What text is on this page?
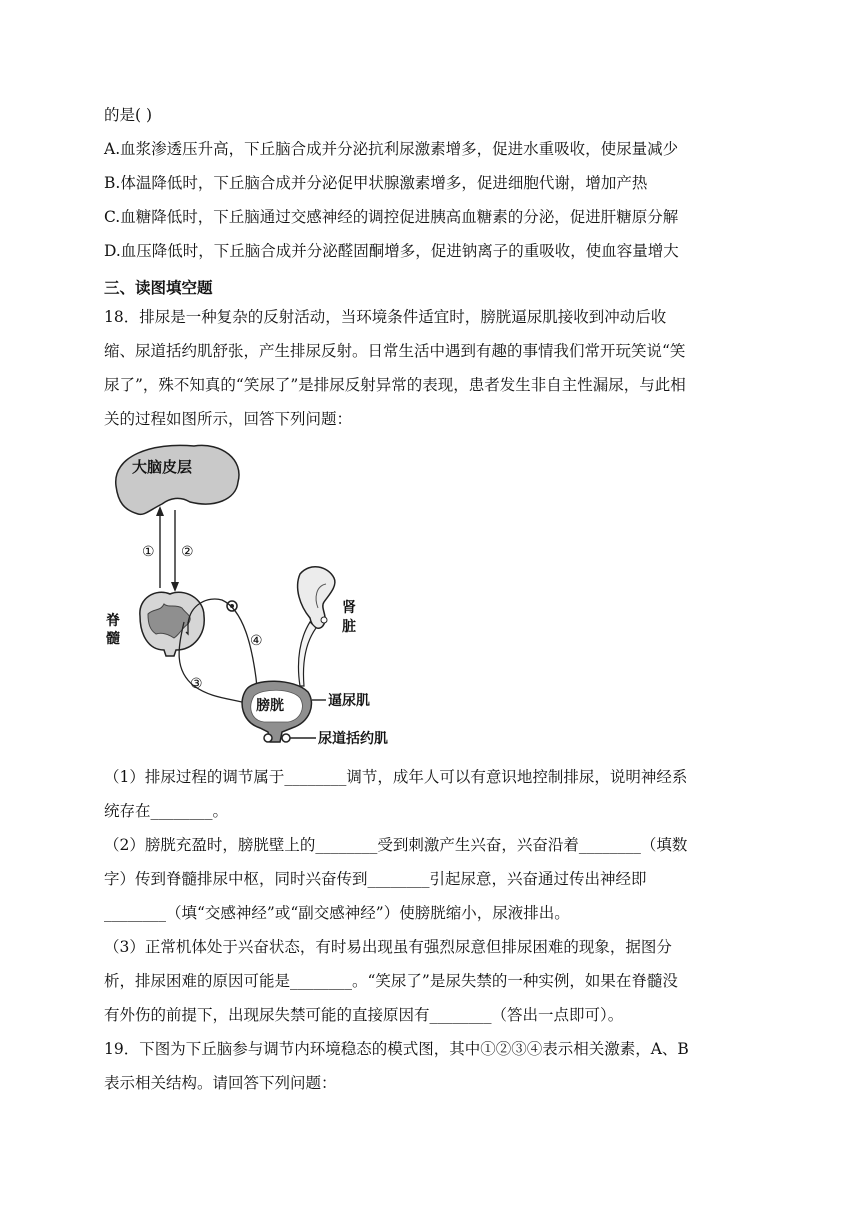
的是( )
A.血浆渗透压升高，下丘脑合成并分泌抗利尿激素增多，促进水重吸收，使尿量减少
B.体温降低时，下丘脑合成并分泌促甲状腺激素增多，促进细胞代谢，增加产热
C.血糖降低时，下丘脑通过交感神经的调控促进胰高血糖素的分泌，促进肝糖原分解
D.血压降低时，下丘脑合成并分泌醛固酮增多，促进钠离子的重吸收，使血容量增大
三、读图填空题
18．排尿是一种复杂的反射活动，当环境条件适宜时，膀胱逼尿肌接收到冲动后收
缩、尿道括约肌舒张，产生排尿反射。日常生活中遇到有趣的事情我们常开玩笑说“笑
尿了”，殊不知真的“笑尿了”是排尿反射异常的表现，患者发生非自主性漏尿，与此相
关的过程如图所示，回答下列问题：
大脑皮层
① ②
脊
髓	④
③
肾
脏
膀胱	逼尿肌
尿道括约肌
（1）排尿过程的调节属于________调节，成年人可以有意识地控制排尿，说明神经系
统存在________。
（2）膀胱充盈时，膀胱壁上的________受到刺激产生兴奋，兴奋沿着________（填数
字）传到脊髓排尿中枢，同时兴奋传到________引起尿意，兴奋通过传出神经即
________（填“交感神经”或“副交感神经”）使膀胱缩小，尿液排出。
（3）正常机体处于兴奋状态，有时易出现虽有强烈尿意但排尿困难的现象，据图分
析，排尿困难的原因可能是________。“笑尿了”是尿失禁的一种实例，如果在脊髓没
有外伤的前提下，出现尿失禁可能的直接原因有________（答出一点即可）。
19．下图为下丘脑参与调节内环境稳态的模式图，其中①②③④表示相关激素，A、B
表示相关结构。请回答下列问题：
